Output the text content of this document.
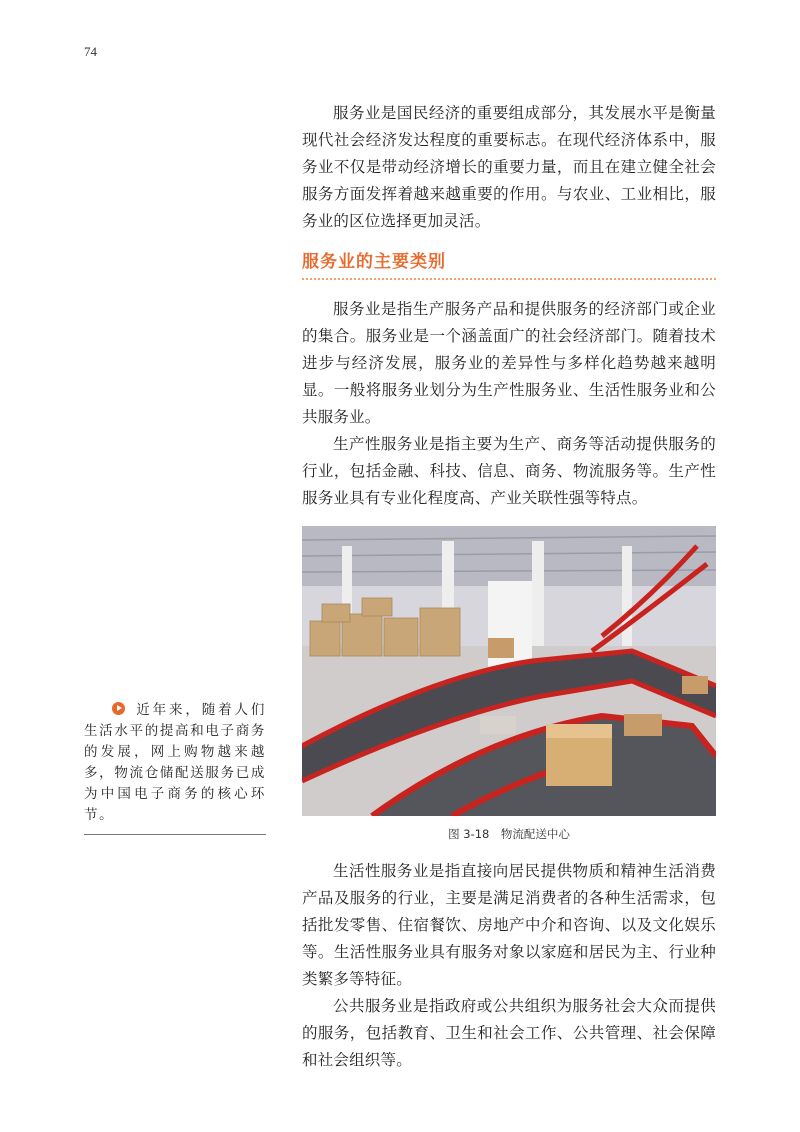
74

服务业是国民经济的重要组成部分，其发展水平是衡量现代社会经济发达程度的重要标志。在现代经济体系中，服务业不仅是带动经济增长的重要力量，而且在建立健全社会服务方面发挥着越来越重要的作用。与农业、工业相比，服务业的区位选择更加灵活。

服务业的主要类别

服务业是指生产服务产品和提供服务的经济部门或企业的集合。服务业是一个涵盖面广的社会经济部门。随着技术进步与经济发展，服务业的差异性与多样化趋势越来越明显。一般将服务业划分为生产性服务业、生活性服务业和公共服务业。

生产性服务业是指主要为生产、商务等活动提供服务的行业，包括金融、科技、信息、商务、物流服务等。生产性服务业具有专业化程度高、产业关联性强等特点。

图 3-18　物流配送中心

生活性服务业是指直接向居民提供物质和精神生活消费产品及服务的行业，主要是满足消费者的各种生活需求，包括批发零售、住宿餐饮、房地产中介和咨询、以及文化娱乐等。生活性服务业具有服务对象以家庭和居民为主、行业种类繁多等特征。

公共服务业是指政府或公共组织为服务社会大众而提供的服务，包括教育、卫生和社会工作、公共管理、社会保障和社会组织等。

近年来，随着人们生活水平的提高和电子商务的发展，网上购物越来越多，物流仓储配送服务已成为中国电子商务的核心环节。
